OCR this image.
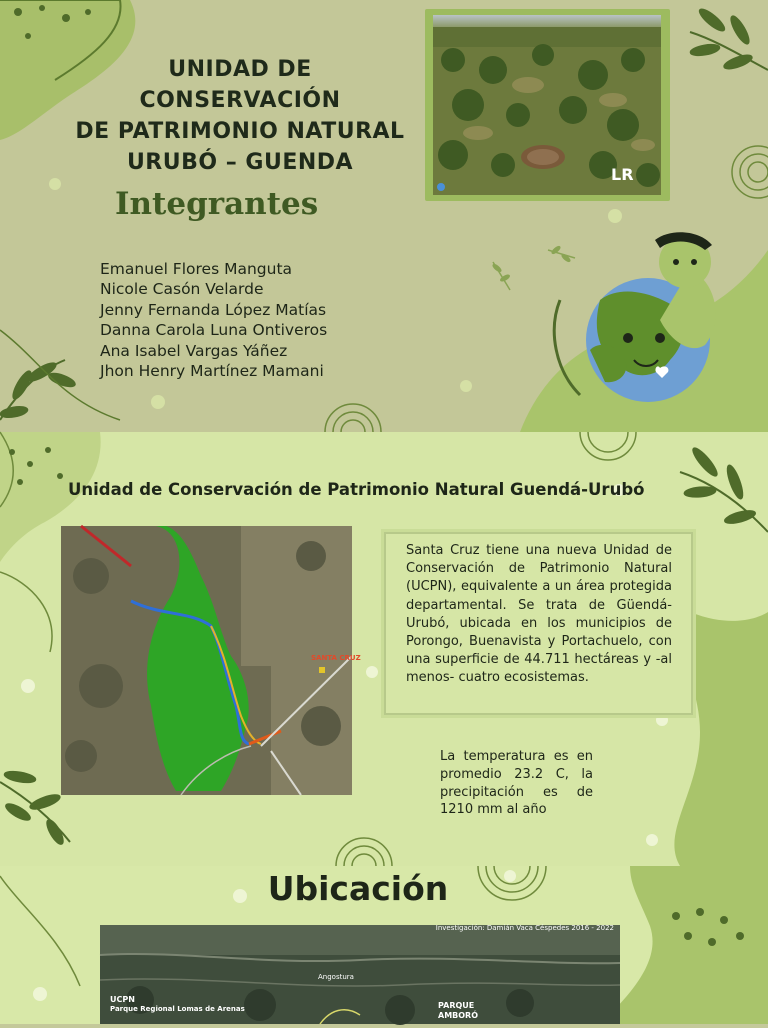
UNIDAD DE CONSERVACIÓN
DE PATRIMONIO NATURAL
URUBÓ – GUENDA
Integrantes
Emanuel Flores Manguta
Nicole Casón Velarde
Jenny Fernanda López Matías
Danna Carola Luna Ontiveros
Ana Isabel Vargas Yáñez
Jhon Henry Martínez Mamani
LR
Unidad de Conservación de Patrimonio Natural Guendá-Urubó
SANTA CRUZ
Santa Cruz tiene una nueva Unidad de Conservación de Patrimonio Natural (UCPN), equivalente a un área protegida departamental. Se trata de Güendá-Urubó, ubicada en los municipios de Porongo, Buenavista y Portachuelo, con una superficie de 44.711 hectáreas y -al menos- cuatro ecosistemas.
La temperatura es en promedio 23.2 C, la precipitación es de 1210 mm al año
Ubicación
Investigación: Damián Vaca Céspedes 2016 - 2022
UCPN
Parque Regional Lomas de Arenas
Angostura
PARQUE
AMBORÓ
